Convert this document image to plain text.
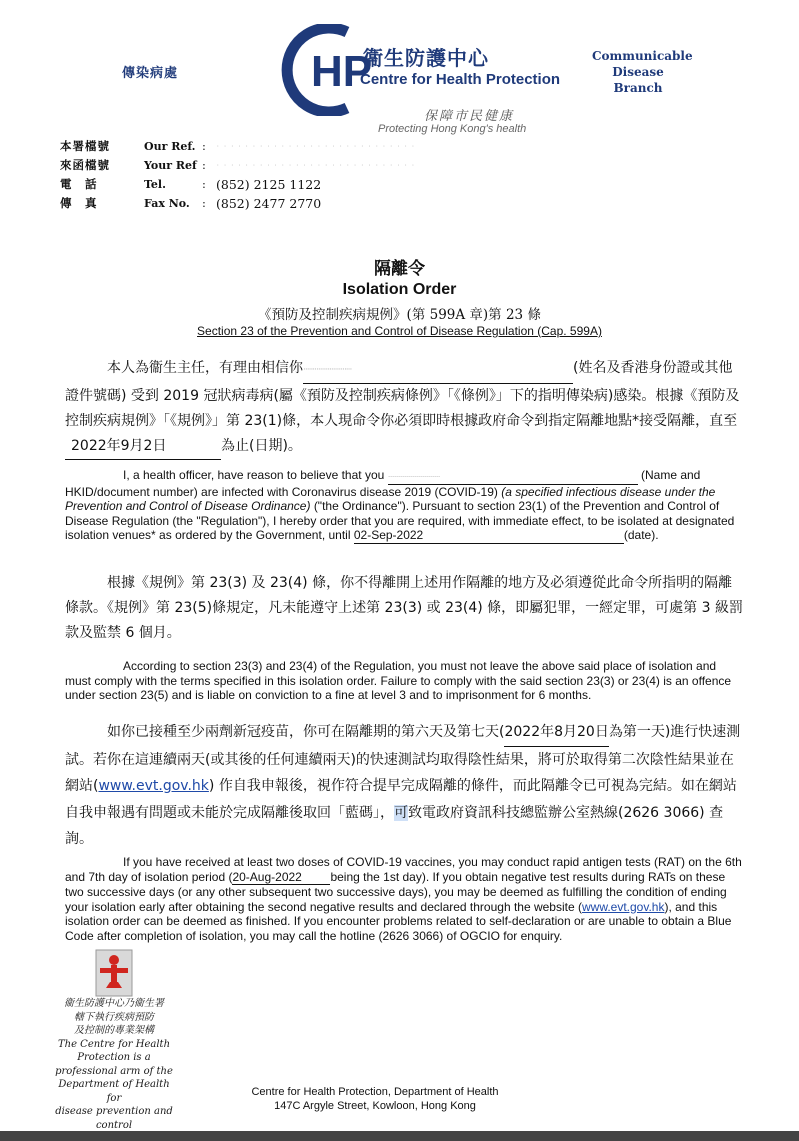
傳染病處	HP
衞生防護中心
Centre for Health Protection
保障市民健康
Protecting Hong Kong's health
Communicable
Disease
Branch
本署檔號	Our Ref. :	· · · · · · · · · · · · · · · · · · · · · · · · · · · ·
來函檔號	Your Ref :	· · · · · · · · · · · · · · · · · · · · · · · · · · · ·
電　話	Tel.	: (852) 2125 1122
傳　真	Fax No.	: (852) 2477 2770
隔離令
Isolation Order
《預防及控制疾病規例》(第 599A 章)第 23 條
Section 23 of the Prevention and Control of Disease Regulation (Cap. 599A)
本人為衞生主任，有理由相信你··························	(姓名及香港身份證或其他證件號碼) 受到 2019 冠狀病毒病(屬《預防及控制疾病條例》「《條例》」下的指明傳染病)感染。根據《預防及控制疾病規例》「《規例》」第 23(1)條，本人現命令你必須即時根據政府命令到指定隔離地點*接受隔離，直至2022年9月2日	為止(日期)。
I, a health officer, have reason to believe that you ··························	(Name and HKID/document number) are infected with Coronavirus disease 2019 (COVID-19) (a specified infectious disease under the Prevention and Control of Disease Ordinance) ("the Ordinance"). Pursuant to section 23(1) of the Prevention and Control of Disease Regulation (the "Regulation"), I hereby order that you are required, with immediate effect, to be isolated at designated isolation venues* as ordered by the Government, until 02-Sep-2022	(date).
根據《規例》第 23(3) 及 23(4) 條，你不得離開上述用作隔離的地方及必須遵從此命令所指明的隔離條款。《規例》第 23(5)條規定，凡未能遵守上述第 23(3) 或 23(4) 條，即屬犯罪，一經定罪，可處第 3 級罰款及監禁 6 個月。
According to section 23(3) and 23(4) of the Regulation, you must not leave the above said place of isolation and must comply with the terms specified in this isolation order. Failure to comply with the said section 23(3) or 23(4) is an offence under section 23(5) and is liable on conviction to a fine at level 3 and to imprisonment for 6 months.
如你已接種至少兩劑新冠疫苗，你可在隔離期的第六天及第七天(2022年8月20日為第一天)進行快速測試。若你在這連續兩天(或其後的任何連續兩天)的快速測試均取得陰性結果，將可於取得第二次陰性結果並在網站(www.evt.gov.hk) 作自我申報後，視作符合提早完成隔離的條件，而此隔離令已可視為完結。如在網站自我申報遇有問題或未能於完成隔離後取回「藍碼」，可致電政府資訊科技總監辦公室熱線(2626 3066) 查詢。
If you have received at least two doses of COVID-19 vaccines, you may conduct rapid antigen tests (RAT) on the 6th and 7th day of isolation period (20-Aug-2022 being the 1st day). If you obtain negative test results during RATs on these two successive days (or any other subsequent two successive days), you may be deemed as fulfilling the condition of ending your isolation early after obtaining the second negative results and declared through the website (www.evt.gov.hk), and this isolation order can be deemed as finished. If you encounter problems related to self-declaration or are unable to obtain a Blue Code after completion of isolation, you may call the hotline (2626 3066) of OGCIO for enquiry.
衞生防護中心乃衞生署
轄下執行疾病預防
及控制的專業架構
The Centre for Health
Protection is a
professional arm of the
Department of Health for
disease prevention and
control
Centre for Health Protection, Department of Health
147C Argyle Street, Kowloon, Hong Kong
